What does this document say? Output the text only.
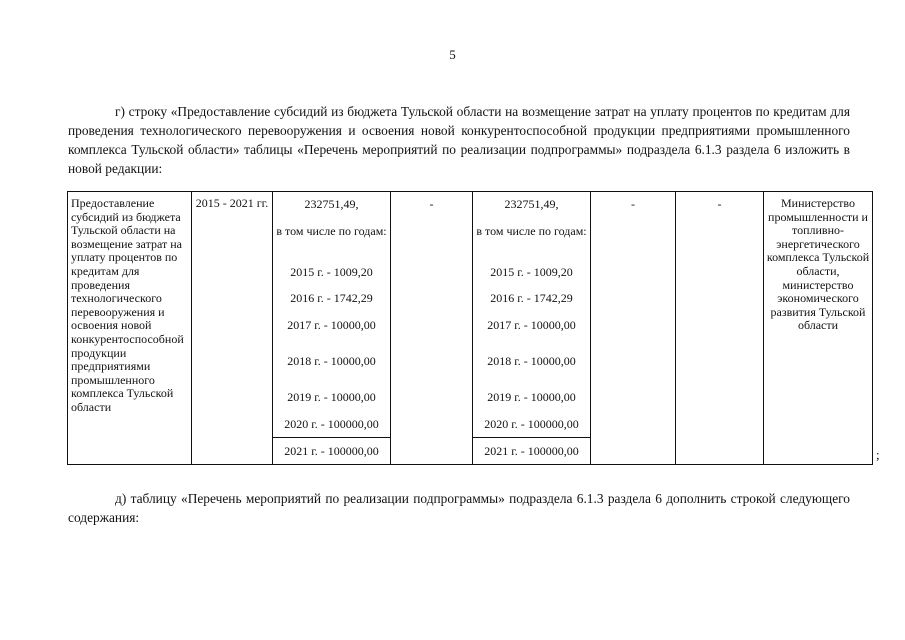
5

г) строку «Предоставление субсидий из бюджета Тульской области на возмещение затрат на уплату процентов по кредитам для проведения технологического перевооружения и освоения новой конкурентоспособной продукции предприятиями промышленного комплекса Тульской области» таблицы «Перечень мероприятий по реализации подпрограммы» подраздела 6.1.3 раздела 6 изложить в новой редакции:

Предоставление субсидий из бюджета Тульской области на возмещение затрат на уплату процентов по кредитам для проведения технологического перевооружения и освоения новой конкурентоспособной продукции предприятиями промышленного комплекса Тульской области	2015 - 2021 гг.	232751,49,
в том числе по годам:
2015 г. - 1009,20
2016 г. - 1742,29
2017 г. - 10000,00
2018 г. - 10000,00
2019 г. - 10000,00
2020 г. - 100000,00
2021 г. - 100000,00
	-	232751,49,
в том числе по годам:
2015 г. - 1009,20
2016 г. - 1742,29
2017 г. - 10000,00
2018 г. - 10000,00
2019 г. - 10000,00
2020 г. - 100000,00
2021 г. - 100000,00
	-	-	Министерство промышленности и топливно-энергетического комплекса Тульской области, министерство экономического развития Тульской области
;

д) таблицу «Перечень мероприятий по реализации подпрограммы» подраздела 6.1.3 раздела 6 дополнить строкой следующего содержания:
